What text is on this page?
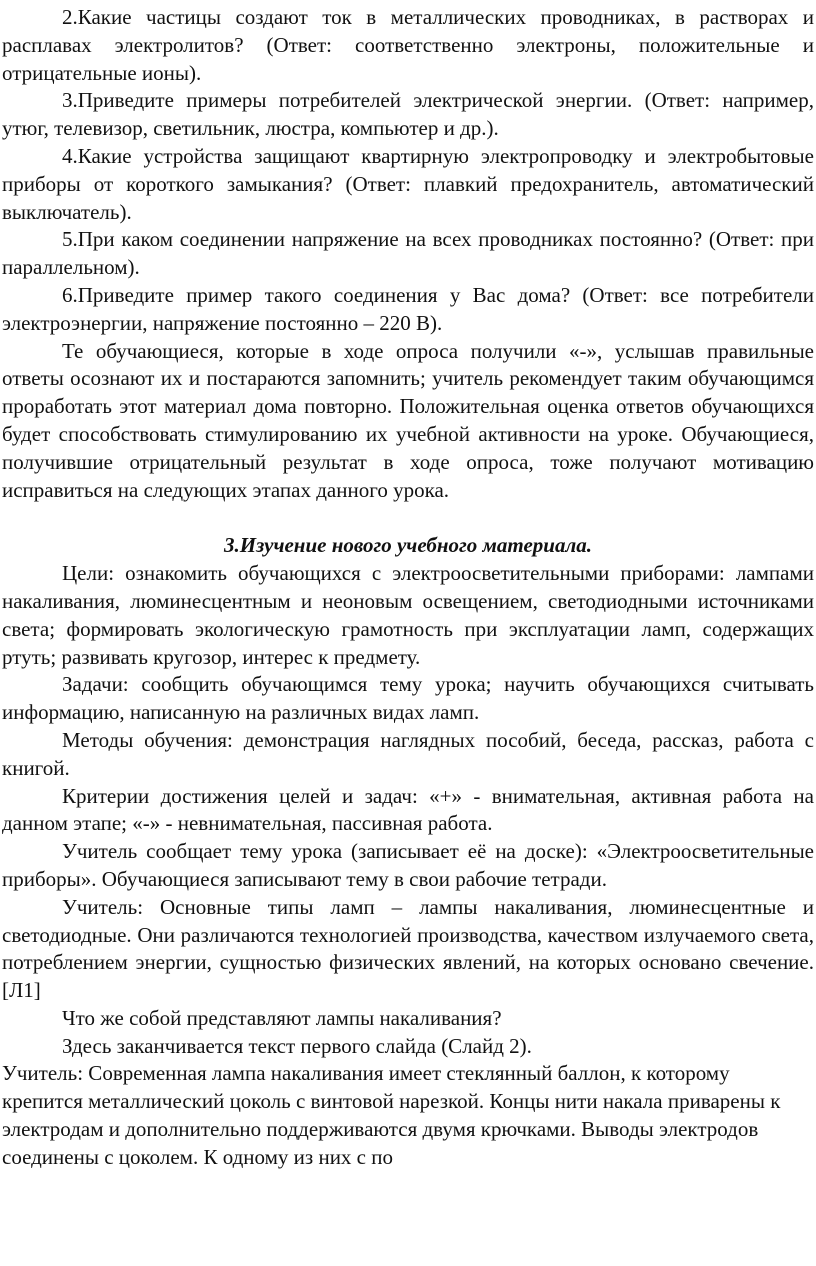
2.Какие частицы создают ток в металлических проводниках, в растворах и расплавах электролитов? (Ответ: соответственно электроны, положительные и отрицательные ионы).

3.Приведите примеры потребителей электрической энергии. (Ответ: например, утюг, телевизор, светильник, люстра, компьютер и др.).

4.Какие устройства защищают квартирную электропроводку и электробытовые приборы от короткого замыкания? (Ответ: плавкий предохранитель, автоматический выключатель).

5.При каком соединении напряжение на всех проводниках постоянно? (Ответ: при параллельном).

6.Приведите пример такого соединения у Вас дома? (Ответ: все потребители электроэнергии, напряжение постоянно – 220 В).

Те обучающиеся, которые в ходе опроса получили «-», услышав правильные ответы осознают их и постараются запомнить; учитель рекомендует таким обучающимся проработать этот материал дома повторно. Положительная оценка ответов обучающихся будет способствовать стимулированию их учебной активности на уроке. Обучающиеся, получившие отрицательный результат в ходе опроса, тоже получают мотивацию исправиться на следующих этапах данного урока.

3.Изучение нового учебного материала.

Цели: ознакомить обучающихся с электроосветительными приборами: лампами накаливания, люминесцентным и неоновым освещением, светодиодными источниками света; формировать экологическую грамотность при эксплуатации ламп, содержащих ртуть; развивать кругозор, интерес к предмету.

Задачи: сообщить обучающимся тему урока; научить обучающихся считывать информацию, написанную на различных видах ламп.

Методы обучения: демонстрация наглядных пособий, беседа, рассказ, работа с книгой.

Критерии достижения целей и задач: «+» - внимательная, активная работа на данном этапе; «-» - невнимательная, пассивная работа.

Учитель сообщает тему урока (записывает её на доске): «Электроосветительные приборы». Обучающиеся записывают тему в свои рабочие тетради.

Учитель: Основные типы ламп – лампы накаливания, люминесцентные и светодиодные. Они различаются технологией производства, качеством излучаемого света, потреблением энергии, сущностью физических явлений, на которых основано свечение. [Л1]

Что же собой представляют лампы накаливания?

Здесь заканчивается текст первого слайда (Слайд 2).

Учитель: Современная лампа накаливания имеет стеклянный баллон, к которому крепится металлический цоколь с винтовой нарезкой. Концы нити накала приварены к электродам и дополнительно поддерживаются двумя крючками. Выводы электродов соединены с цоколем. К одному из них с по
